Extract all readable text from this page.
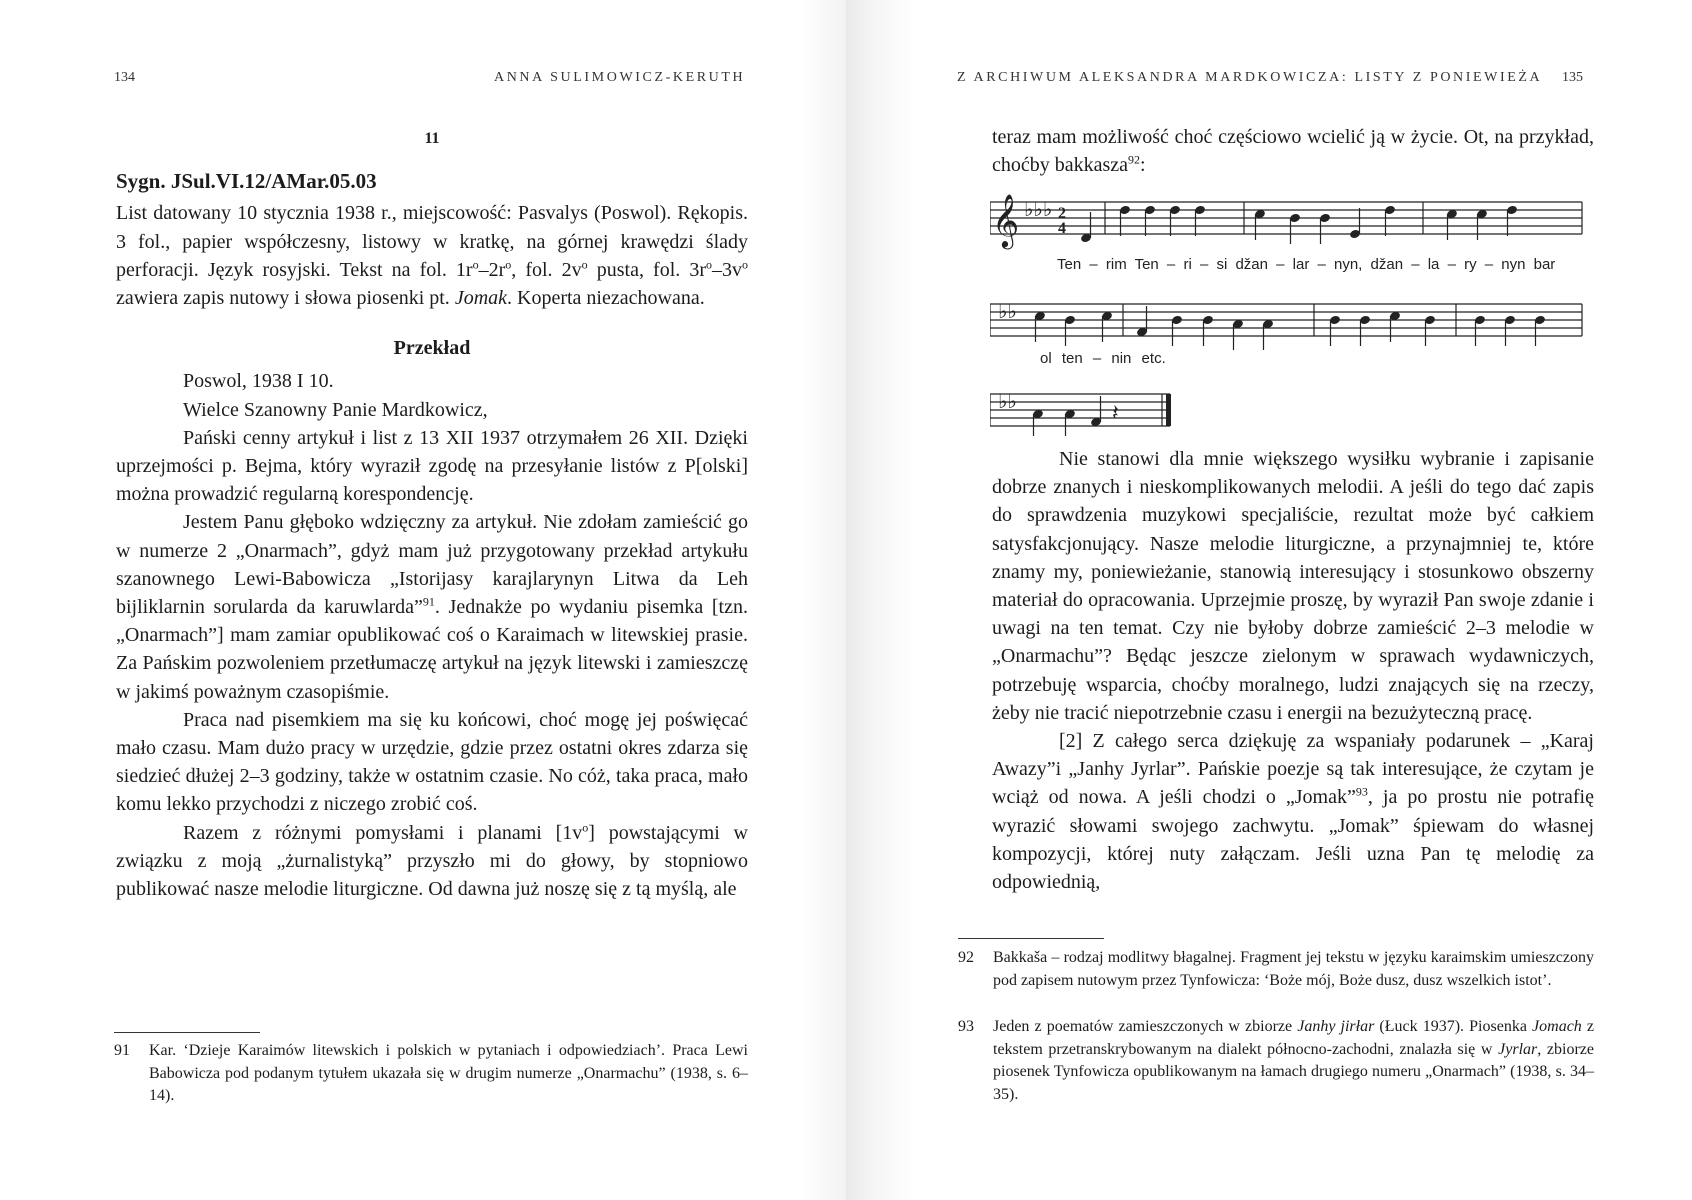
134	ANNA SULIMOWICZ-KERUTH

11

Sygn. JSul.VI.12/AMar.05.03

List datowany 10 stycznia 1938 r., miejscowość: Pasvalys (Poswol). Rękopis. 3 fol., papier współczesny, listowy w kratkę, na górnej krawędzi ślady perforacji. Język rosyjski. Tekst na fol. $1r^o-2r^o$, fol. $2v^o$ pusta, fol. $3r^o-3v^o$ zawiera zapis nutowy i słowa piosenki pt. Jomak. Koperta niezachowana.

Przekład

Poswol, 1938 I 10.

Wielce Szanowny Panie Mardkowicz,

Pański cenny artykuł i list z 13 XII 1937 otrzymałem 26 XII. Dzięki uprzejmości p. Bejma, który wyraził zgodę na przesyłanie listów z P[olski] można prowadzić regularną korespondencję.

Jestem Panu głęboko wdzięczny za artykuł. Nie zdołam zamieścić go w numerze 2 „Onarmach”, gdyż mam już przygotowany przekład artykułu szanownego Lewi-Babowicza „Istorijasy karajlarynyn Litwa da Leh bijliklarnin sorularda da karuwlarda”$^{91}$. Jednakże po wydaniu pisemka [tzn. „Onarmach”] mam zamiar opublikować coś o Karaimach w litewskiej prasie. Za Pańskim pozwoleniem przetłumaczę artykuł na język litewski i zamieszczę w jakimś poważnym czasopiśmie.

Praca nad pisemkiem ma się ku końcowi, choć mogę jej poświęcać mało czasu. Mam dużo pracy w urzędzie, gdzie przez ostatni okres zdarza się siedzieć dłużej 2–3 godziny, także w ostatnim czasie. No cóż, taka praca, mało komu lekko przychodzi z niczego zrobić coś.

Razem z różnymi pomysłami i planami $[1v^o]$ powstającymi w związku z moją „żurnalistyką” przyszło mi do głowy, by stopniowo publikować nasze melodie liturgiczne. Od dawna już noszę się z tą myślą, ale

91 Kar. ‘Dzieje Karaimów litewskich i polskich w pytaniach i odpowiedziach’. Praca Lewi Babowicza pod podanym tytułem ukazała się w drugim numerze „Onarmachu” (1938, s. 6–14).
Z ARCHIWUM ALEKSANDRA MARDKOWICZA: LISTY Z PONIEWIEŻA 135

teraz mam możliwość choć częściowo wcielić ją w życie. Ot, na przykład, choćby bakkasza$^{92}$:

Nie stanowi dla mnie większego wysiłku wybranie i zapisanie dobrze znanych i nieskomplikowanych melodii. A jeśli do tego dać zapis do sprawdzenia muzykowi specjaliście, rezultat może być całkiem satysfakcjonujący. Nasze melodie liturgiczne, a przynajmniej te, które znamy my, poniewieżanie, stanowią interesujący i stosunkowo obszerny materiał do opracowania. Uprzejmie proszę, by wyraził Pan swoje zdanie i uwagi na ten temat. Czy nie byłoby dobrze zamieścić 2–3 melodie w „Onarmachu”? Będąc jeszcze zielonym w sprawach wydawniczych, potrzebuję wsparcia, choćby moralnego, ludzi znających się na rzeczy, żeby nie tracić niepotrzebnie czasu i energii na bezużyteczną pracę.

[2] Z całego serca dziękuję za wspaniały podarunek – „Karaj Awazy”i „Janhy Jyrlar”. Pańskie poezje są tak interesujące, że czytam je wciąż od nowa. A jeśli chodzi o „Jomak”$^{93}$, ja po prostu nie potrafię wyrazić słowami swojego zachwytu. „Jomak” śpiewam do własnej kompozycji, której nuty załączam. Jeśli uzna Pan tę melodię za odpowiednią,

92 Bakkaša – rodzaj modlitwy błagalnej. Fragment jej tekstu w języku karaimskim umieszczony pod zapisem nutowym przez Tynfowicza: ‘Boże mój, Boże dusz, dusz wszelkich istot’.
93 Jeden z poematów zamieszczonych w zbiorze Janhy jirłar (Łuck 1937). Piosenka Jomach z tekstem przetranskrybowanym na dialekt północno-zachodni, znalazła się w Jyrlar, zbiorze piosenek Tynfowicza opublikowanym na łamach drugiego numeru „Onarmach” (1938, s. 34–35).
𝄞 ♭♭♭ 2
4
Ten – rim Ten – ri – si džan – lar – nyn, džan – la – ry – nyn bar
♭♭
ol ten – nin etc.
♭♭	𝄽
